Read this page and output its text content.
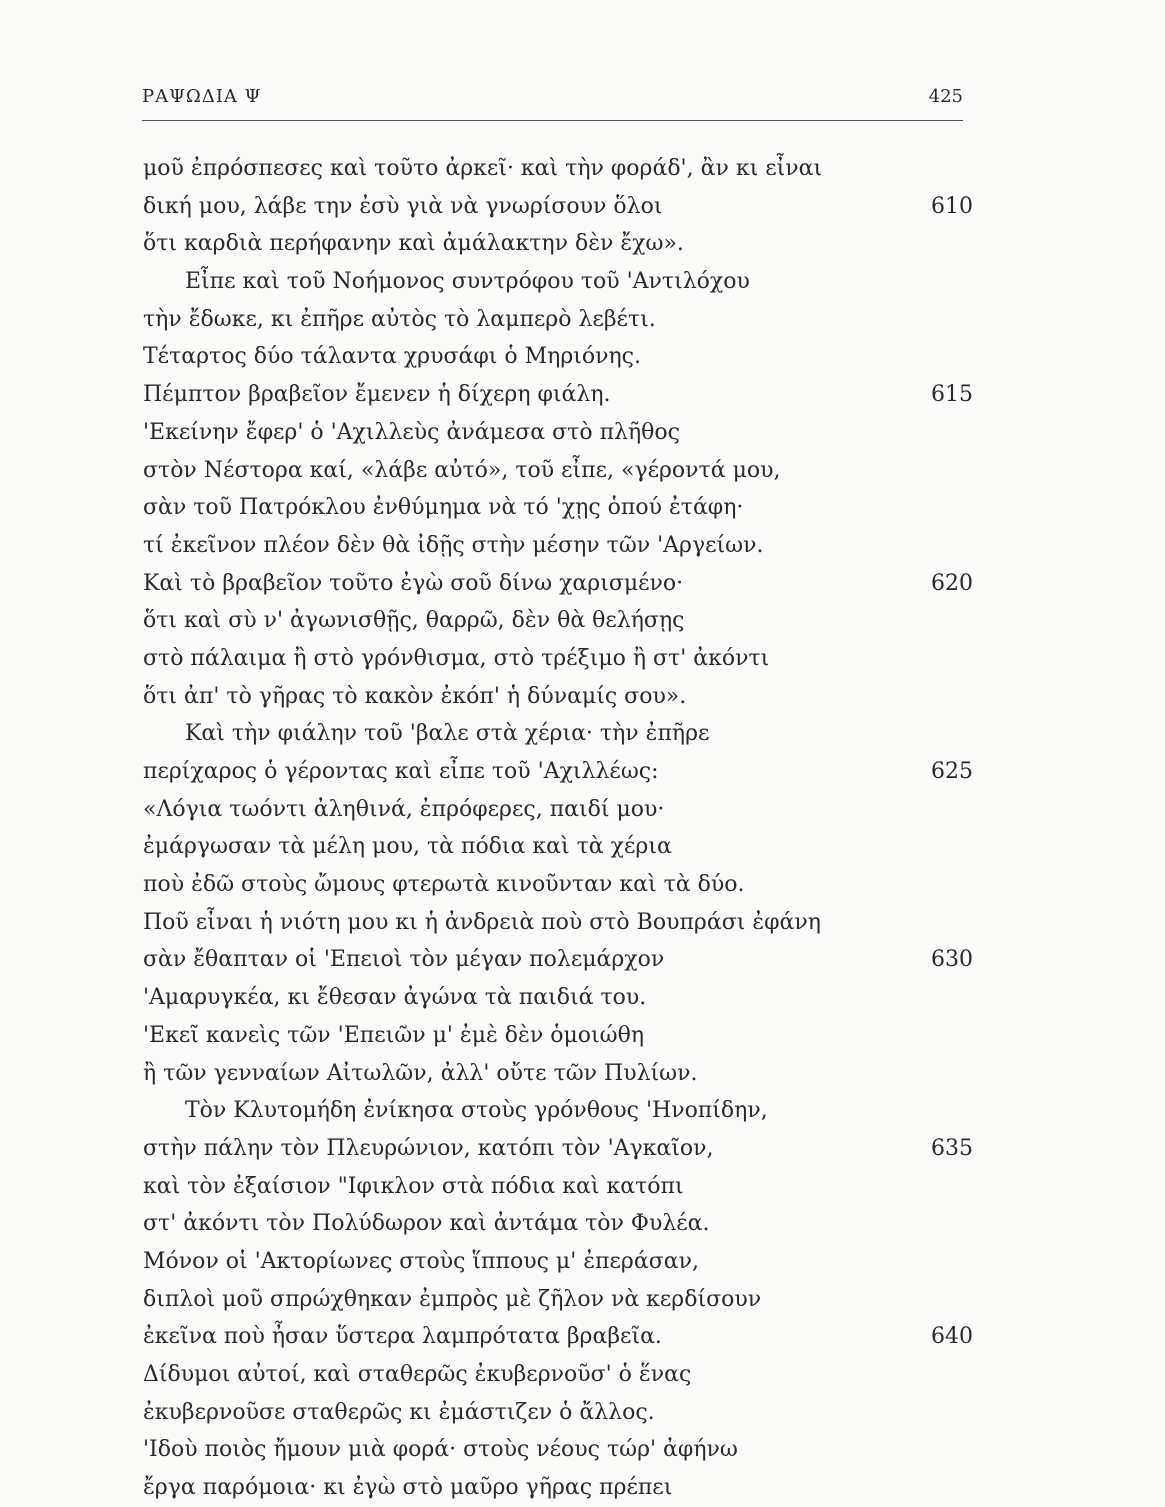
ΡΑΨΩΔΙΑ Ψ	425
μοῦ ἐπρόσπεσες καὶ τοῦτο ἀρκεῖ· καὶ τὴν φοράδ', ἂν κι εἶναι
δική μου, λάβε την ἐσὺ γιὰ νὰ γνωρίσουν ὅλοι	610
ὅτι καρδιὰ περήφανην καὶ ἀμάλακτην δὲν ἔχω».
Εἶπε καὶ τοῦ Νοήμονος συντρόφου τοῦ 'Αντιλόχου
τὴν ἔδωκε, κι ἐπῆρε αὐτὸς τὸ λαμπερὸ λεβέτι.
Τέταρτος δύο τάλαντα χρυσάφι ὁ Μηριόνης.
Πέμπτον βραβεῖον ἔμενεν ἡ δίχερη φιάλη.	615
'Εκείνην ἔφερ' ὁ 'Αχιλλεὺς ἀνάμεσα στὸ πλῆθος
στὸν Νέστορα καί, «λάβε αὐτό», τοῦ εἶπε, «γέροντά μου,
σὰν τοῦ Πατρόκλου ἐνθύμημα νὰ τό 'χῃς ὁπού ἐτάφη·
τί ἐκεῖνον πλέον δὲν θὰ ἰδῇς στὴν μέσην τῶν 'Αργείων.
Καὶ τὸ βραβεῖον τοῦτο ἐγὼ σοῦ δίνω χαρισμένο·	620
ὅτι καὶ σὺ ν' ἀγωνισθῇς, θαρρῶ, δὲν θὰ θελήσῃς
στὸ πάλαιμα ἢ στὸ γρόνθισμα, στὸ τρέξιμο ἢ στ' ἀκόντι
ὅτι ἀπ' τὸ γῆρας τὸ κακὸν ἐκόπ' ἡ δύναμίς σου».
Καὶ τὴν φιάλην τοῦ 'βαλε στὰ χέρια· τὴν ἐπῆρε
περίχαρος ὁ γέροντας καὶ εἶπε τοῦ 'Αχιλλέως:	625
«Λόγια τωόντι ἀληθινά, ἐπρόφερες, παιδί μου·
ἐμάργωσαν τὰ μέλη μου, τὰ πόδια καὶ τὰ χέρια
ποὺ ἐδῶ στοὺς ὤμους φτερωτὰ κινοῦνταν καὶ τὰ δύο.
Ποῦ εἶναι ἡ νιότη μου κι ἡ ἀνδρειὰ ποὺ στὸ Βουπράσι ἐφάνη
σὰν ἔθαπταν οἱ 'Επειοὶ τὸν μέγαν πολεμάρχον	630
'Αμαρυγκέα, κι ἔθεσαν ἀγώνα τὰ παιδιά του.
'Εκεῖ κανεὶς τῶν 'Επειῶν μ' ἐμὲ δὲν ὁμοιώθη
ἢ τῶν γενναίων Αἰτωλῶν, ἀλλ' οὔτε τῶν Πυλίων.
Τὸν Κλυτομήδη ἐνίκησα στοὺς γρόνθους 'Ηνοπίδην,
στὴν πάλην τὸν Πλευρώνιον, κατόπι τὸν 'Αγκαῖον,	635
καὶ τὸν ἐξαίσιον "Ιφικλον στὰ πόδια καὶ κατόπι
στ' ἀκόντι τὸν Πολύδωρον καὶ ἀντάμα τὸν Φυλέα.
Μόνον οἱ 'Ακτορίωνες στοὺς ἵππους μ' ἐπεράσαν,
διπλοὶ μοῦ σπρώχθηκαν ἐμπρὸς μὲ ζῆλον νὰ κερδίσουν
ἐκεῖνα ποὺ ἦσαν ὕστερα λαμπρότατα βραβεῖα.	640
Δίδυμοι αὐτοί, καὶ σταθερῶς ἐκυβερνοῦσ' ὁ ἕνας
ἐκυβερνοῦσε σταθερῶς κι ἐμάστιζεν ὁ ἄλλος.
'Ιδοὺ ποιὸς ἤμουν μιὰ φορά· στοὺς νέους τώρ' ἀφήνω
ἔργα παρόμοια· κι ἐγὼ στὸ μαῦρο γῆρας πρέπει
